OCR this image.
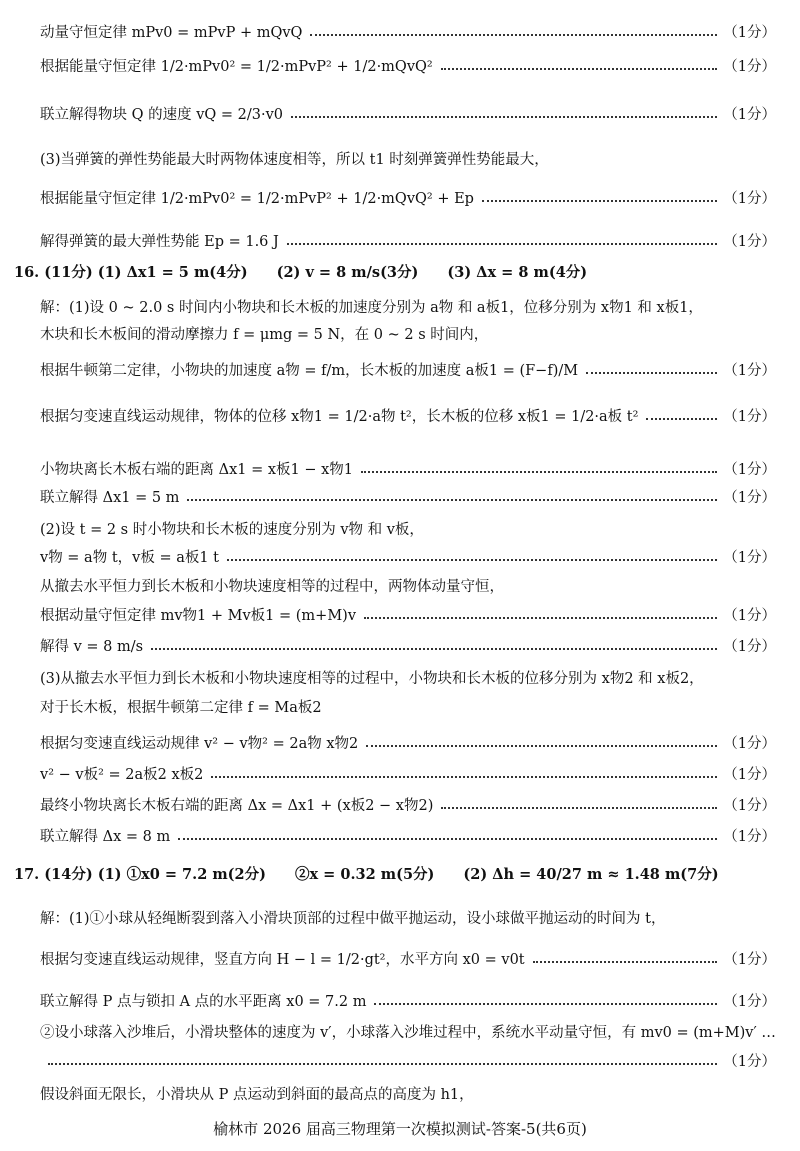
动量守恒定律 mPv0 = mPvP + mQvQ	（1分）
根据能量守恒定律 1/2·mPv0² = 1/2·mPvP² + 1/2·mQvQ²	（1分）
联立解得物块 Q 的速度 vQ = 2/3·v0	（1分）
(3)当弹簧的弹性势能最大时两物体速度相等，所以 t1 时刻弹簧弹性势能最大，
根据能量守恒定律 1/2·mPv0² = 1/2·mPvP² + 1/2·mQvQ² + Ep	（1分）
解得弹簧的最大弹性势能 Ep = 1.6 J	（1分）
16. (11分) (1) Δx1 = 5 m(4分)　　(2) v = 8 m/s(3分)　　(3) Δx = 8 m(4分)
解：(1)设 0 ~ 2.0 s 时间内小物块和长木板的加速度分别为 a物 和 a板1，位移分别为 x物1 和 x板1，
木块和长木板间的滑动摩擦力 f = μmg = 5 N，在 0 ~ 2 s 时间内，
根据牛顿第二定律，小物块的加速度 a物 = f/m，长木板的加速度 a板1 = (F−f)/M	（1分）
根据匀变速直线运动规律，物体的位移 x物1 = 1/2·a物 t²，长木板的位移 x板1 = 1/2·a板 t²	（1分）
小物块离长木板右端的距离 Δx1 = x板1 − x物1	（1分）
联立解得 Δx1 = 5 m	（1分）
(2)设 t = 2 s 时小物块和长木板的速度分别为 v物 和 v板，
v物 = a物 t，v板 = a板1 t	（1分）
从撤去水平恒力到长木板和小物块速度相等的过程中，两物体动量守恒，
根据动量守恒定律 mv物1 + Mv板1 = (m+M)v	（1分）
解得 v = 8 m/s	（1分）
(3)从撤去水平恒力到长木板和小物块速度相等的过程中，小物块和长木板的位移分别为 x物2 和 x板2，
对于长木板，根据牛顿第二定律 f = Ma板2
根据匀变速直线运动规律 v² − v物² = 2a物 x物2	（1分）
v² − v板² = 2a板2 x板2	（1分）
最终小物块离长木板右端的距离 Δx = Δx1 + (x板2 − x物2)	（1分）
联立解得 Δx = 8 m	（1分）
17. (14分) (1) ①x0 = 7.2 m(2分)　　②x = 0.32 m(5分)　　(2) Δh = 40/27 m ≈ 1.48 m(7分)
解：(1)①小球从轻绳断裂到落入小滑块顶部的过程中做平抛运动，设小球做平抛运动的时间为 t，
根据匀变速直线运动规律，竖直方向 H − l = 1/2·gt²，水平方向 x0 = v0t	（1分）
联立解得 P 点与锁扣 A 点的水平距离 x0 = 7.2 m	（1分）
②设小球落入沙堆后，小滑块整体的速度为 v′，小球落入沙堆过程中，系统水平动量守恒，有 mv0 = (m+M)v′ …
（1分）
假设斜面无限长，小滑块从 P 点运动到斜面的最高点的高度为 h1，
榆林市 2026 届高三物理第一次模拟测试-答案-5(共6页)
